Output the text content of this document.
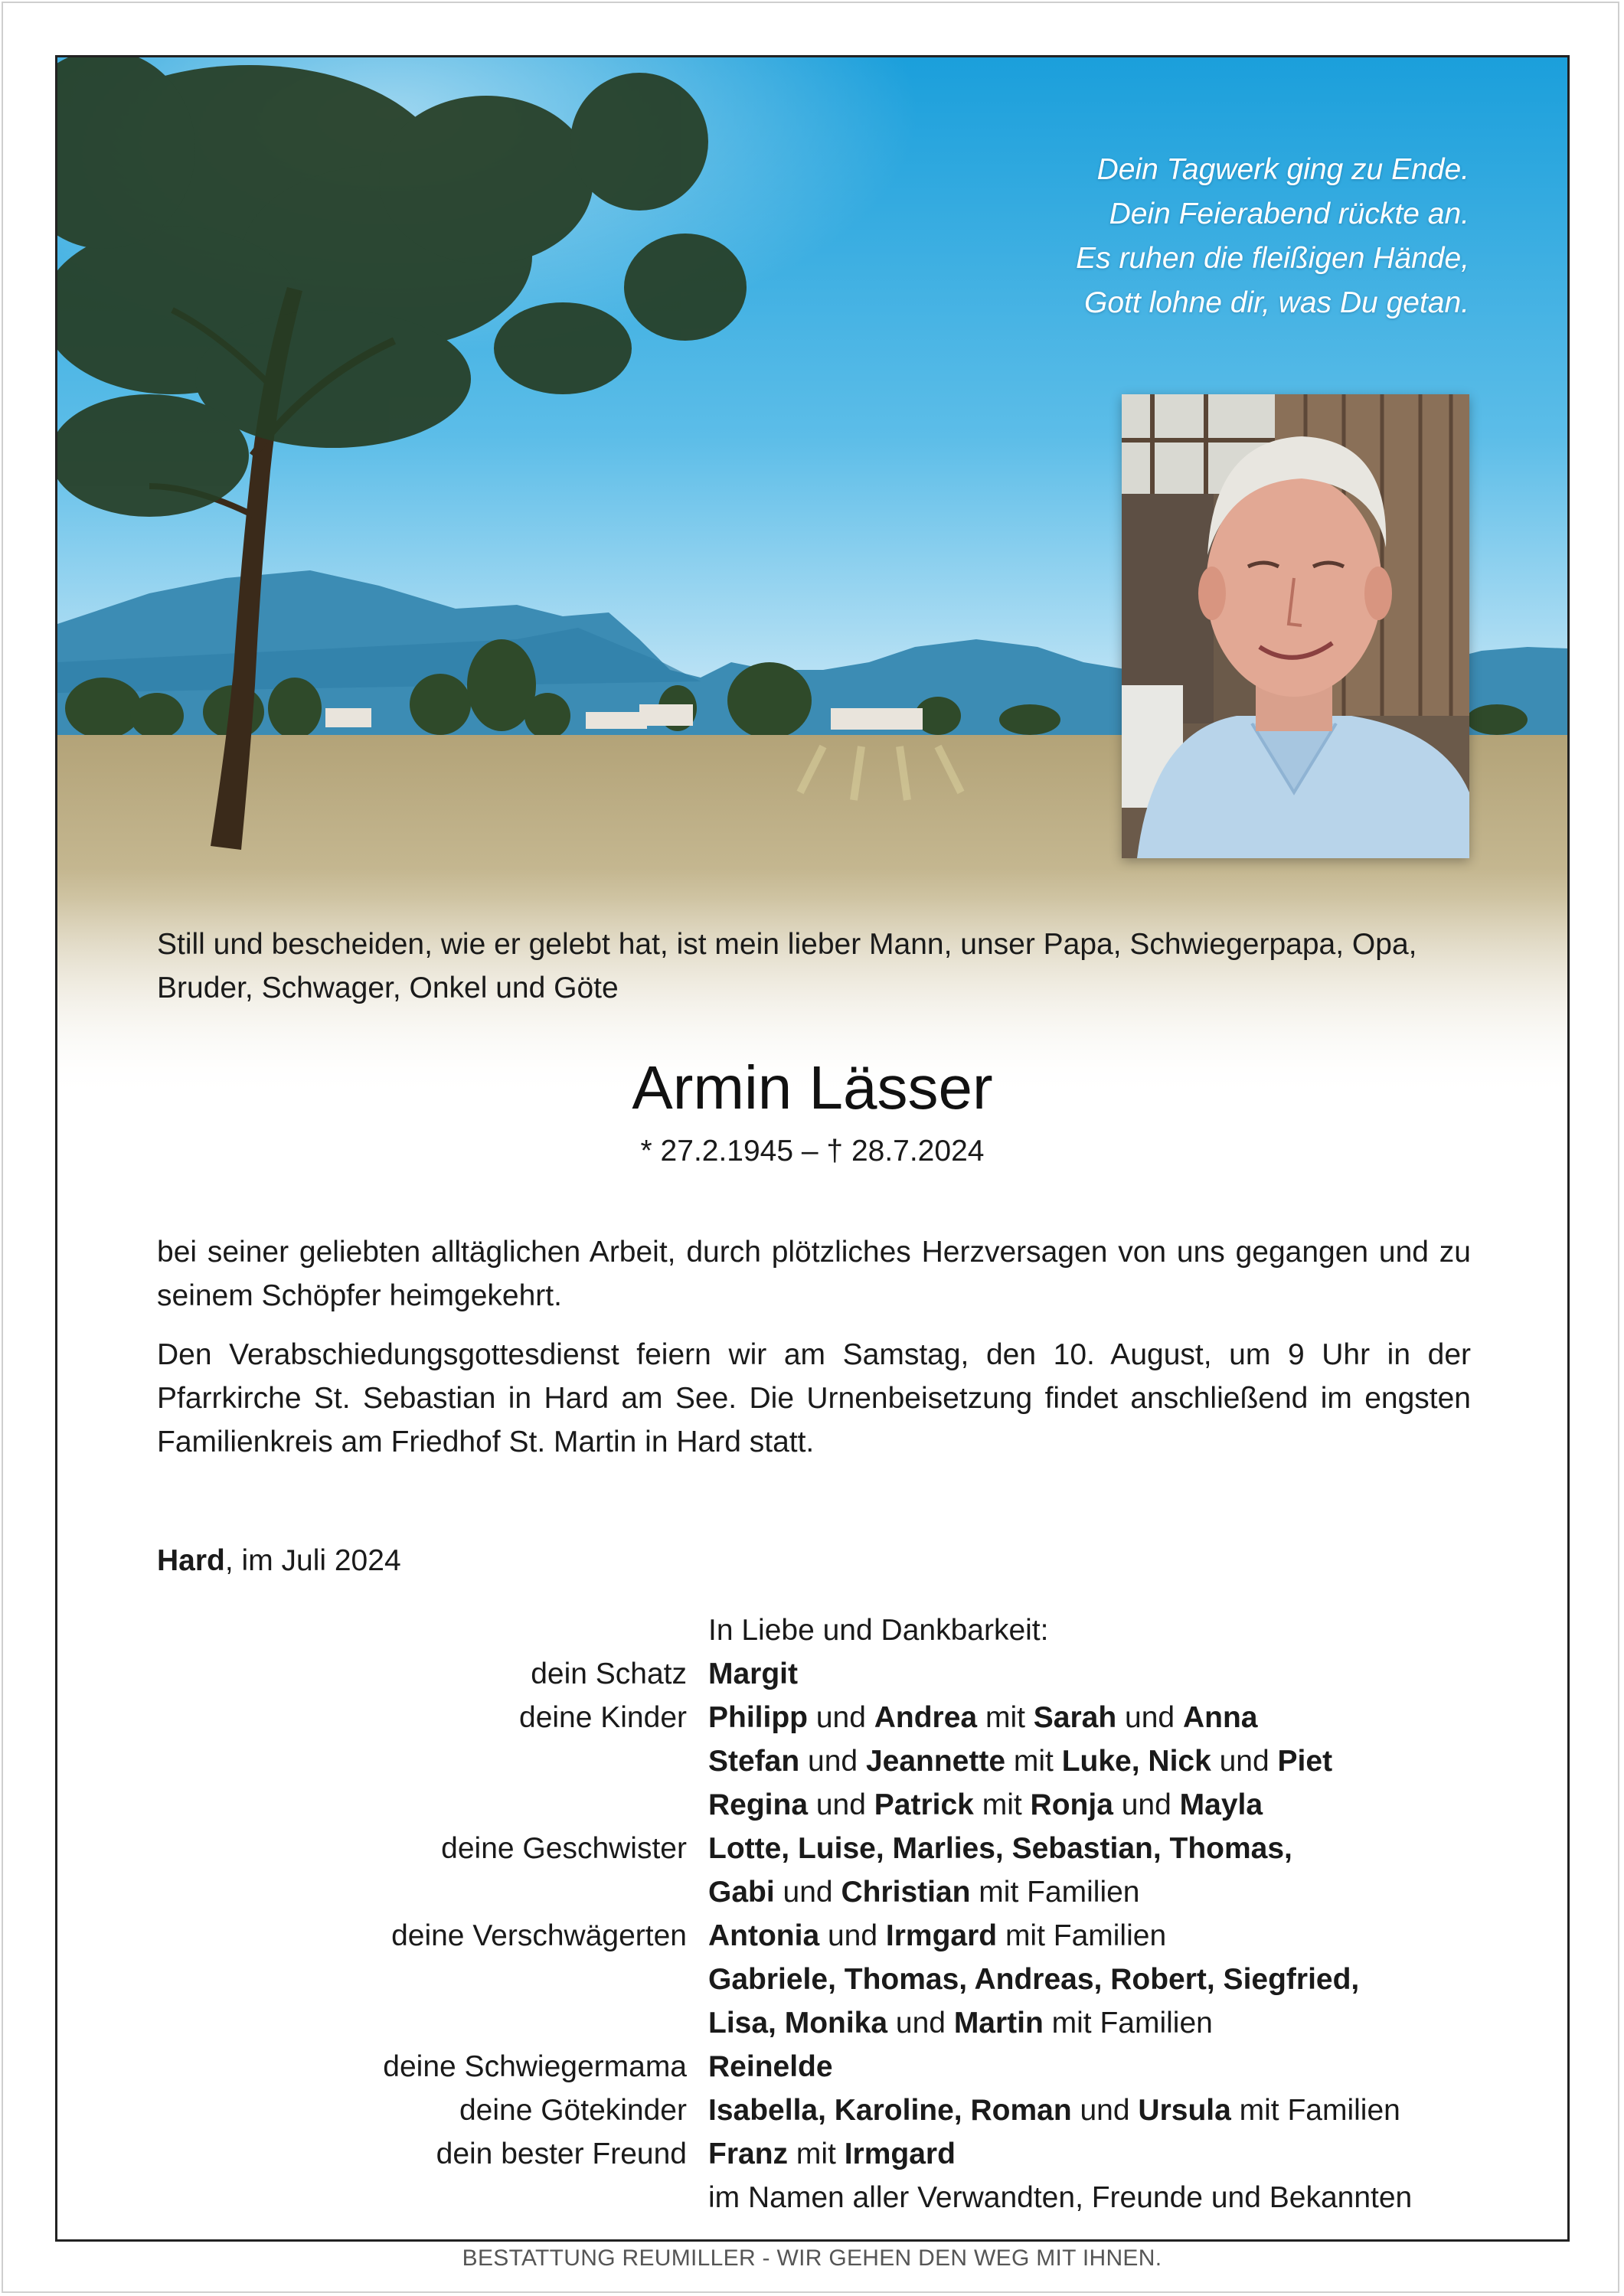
Dein Tagwerk ging zu Ende.
Dein Feierabend rückte an.
Es ruhen die fleißigen Hände,
Gott lohne dir, was Du getan.
Still und bescheiden, wie er gelebt hat, ist mein lieber Mann, unser Papa, Schwiegerpapa, Opa, Bruder, Schwager, Onkel und Göte
Armin Lässer
* 27.2.1945 – † 28.7.2024
bei seiner geliebten alltäglichen Arbeit, durch plötzliches Herzversagen von uns gegangen und zu seinem Schöpfer heimgekehrt.
Den Verabschiedungsgottesdienst feiern wir am Samstag, den 10. August, um 9 Uhr in der Pfarrkirche St. Sebastian in Hard am See. Die Urnenbeisetzung findet anschließend im engsten Familienkreis am Friedhof St. Martin in Hard statt.
Hard, im Juli 2024
In Liebe und Dankbarkeit:
dein Schatz Margit
deine Kinder Philipp und Andrea mit Sarah und Anna
Stefan und Jeannette mit Luke, Nick und Piet
Regina und Patrick mit Ronja und Mayla
deine Geschwister Lotte, Luise, Marlies, Sebastian, Thomas,
Gabi und Christian mit Familien
deine Verschwägerten Antonia und Irmgard mit Familien
Gabriele, Thomas, Andreas, Robert, Siegfried,
Lisa, Monika und Martin mit Familien
deine Schwiegermama Reinelde
deine Götekinder Isabella, Karoline, Roman und Ursula mit Familien
dein bester Freund Franz mit Irmgard
im Namen aller Verwandten, Freunde und Bekannten
BESTATTUNG REUMILLER - WIR GEHEN DEN WEG MIT IHNEN.
